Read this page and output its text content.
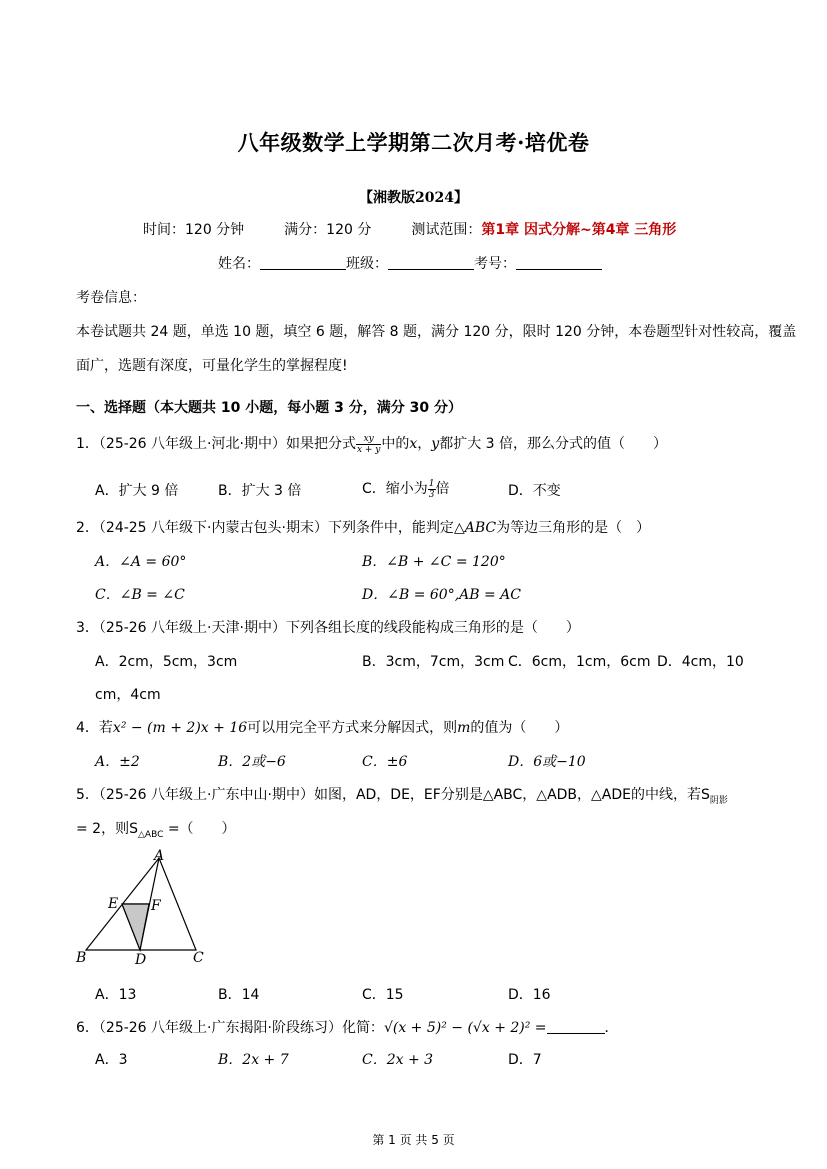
八年级数学上学期第二次月考·培优卷
【湘教版2024】
时间：120 分钟	满分：120 分	测试范围：第1章 因式分解~第4章 三角形
姓名：	班级：	考号：
考卷信息：
本卷试题共 24 题，单选 10 题，填空 6 题，解答 8 题，满分 120 分，限时 120 分钟，本卷题型针对性较高，覆盖
面广，选题有深度，可量化学生的掌握程度!
一、选择题（本大题共 10 小题，每小题 3 分，满分 30 分）
1．（25-26 八年级上·河北·期中）如果把分式 $\frac{xy}{x + y}$ 中的x，y都扩大 3 倍，那么分式的值（　　）
A．扩大 9 倍	B．扩大 3 倍	C．缩小为 $\frac{1}{3}$ 倍	D．不变
2．（24-25 八年级下·内蒙古包头·期末）下列条件中，能判定△ABC为等边三角形的是（　）
A．∠A = 60°	B．∠B + ∠C = 120°
C．∠B = ∠C	D．∠B = 60°,AB = AC
3．（25-26 八年级上·天津·期中）下列各组长度的线段能构成三角形的是（　　）
A．2cm，5cm，3cm	B．3cm，7cm，3cm C．6cm，1cm，6cm D．4cm，10
cm，4cm
4．若x² − (m + 2)x + 16可以用完全平方式来分解因式，则m的值为（　　）
A．±2	B．2或−6	C．±6	D．6或−10
5．（25-26 八年级上·广东中山·期中）如图，AD，DE，EF分别是△ABC，△ADB，△ADE的中线，若$S_{阴影}$
= 2，则$S_{\triangle ABC}$ =（　　）
A
B	C
D
E F
A．13	B．14	C．15	D．16
6．（25-26 八年级上·广东揭阳·阶段练习）化简：√(x + 5)² − (√x + 2)² =	．
A．3	B．2x + 7	C．2x + 3	D．7
第 1 页 共 5 页
